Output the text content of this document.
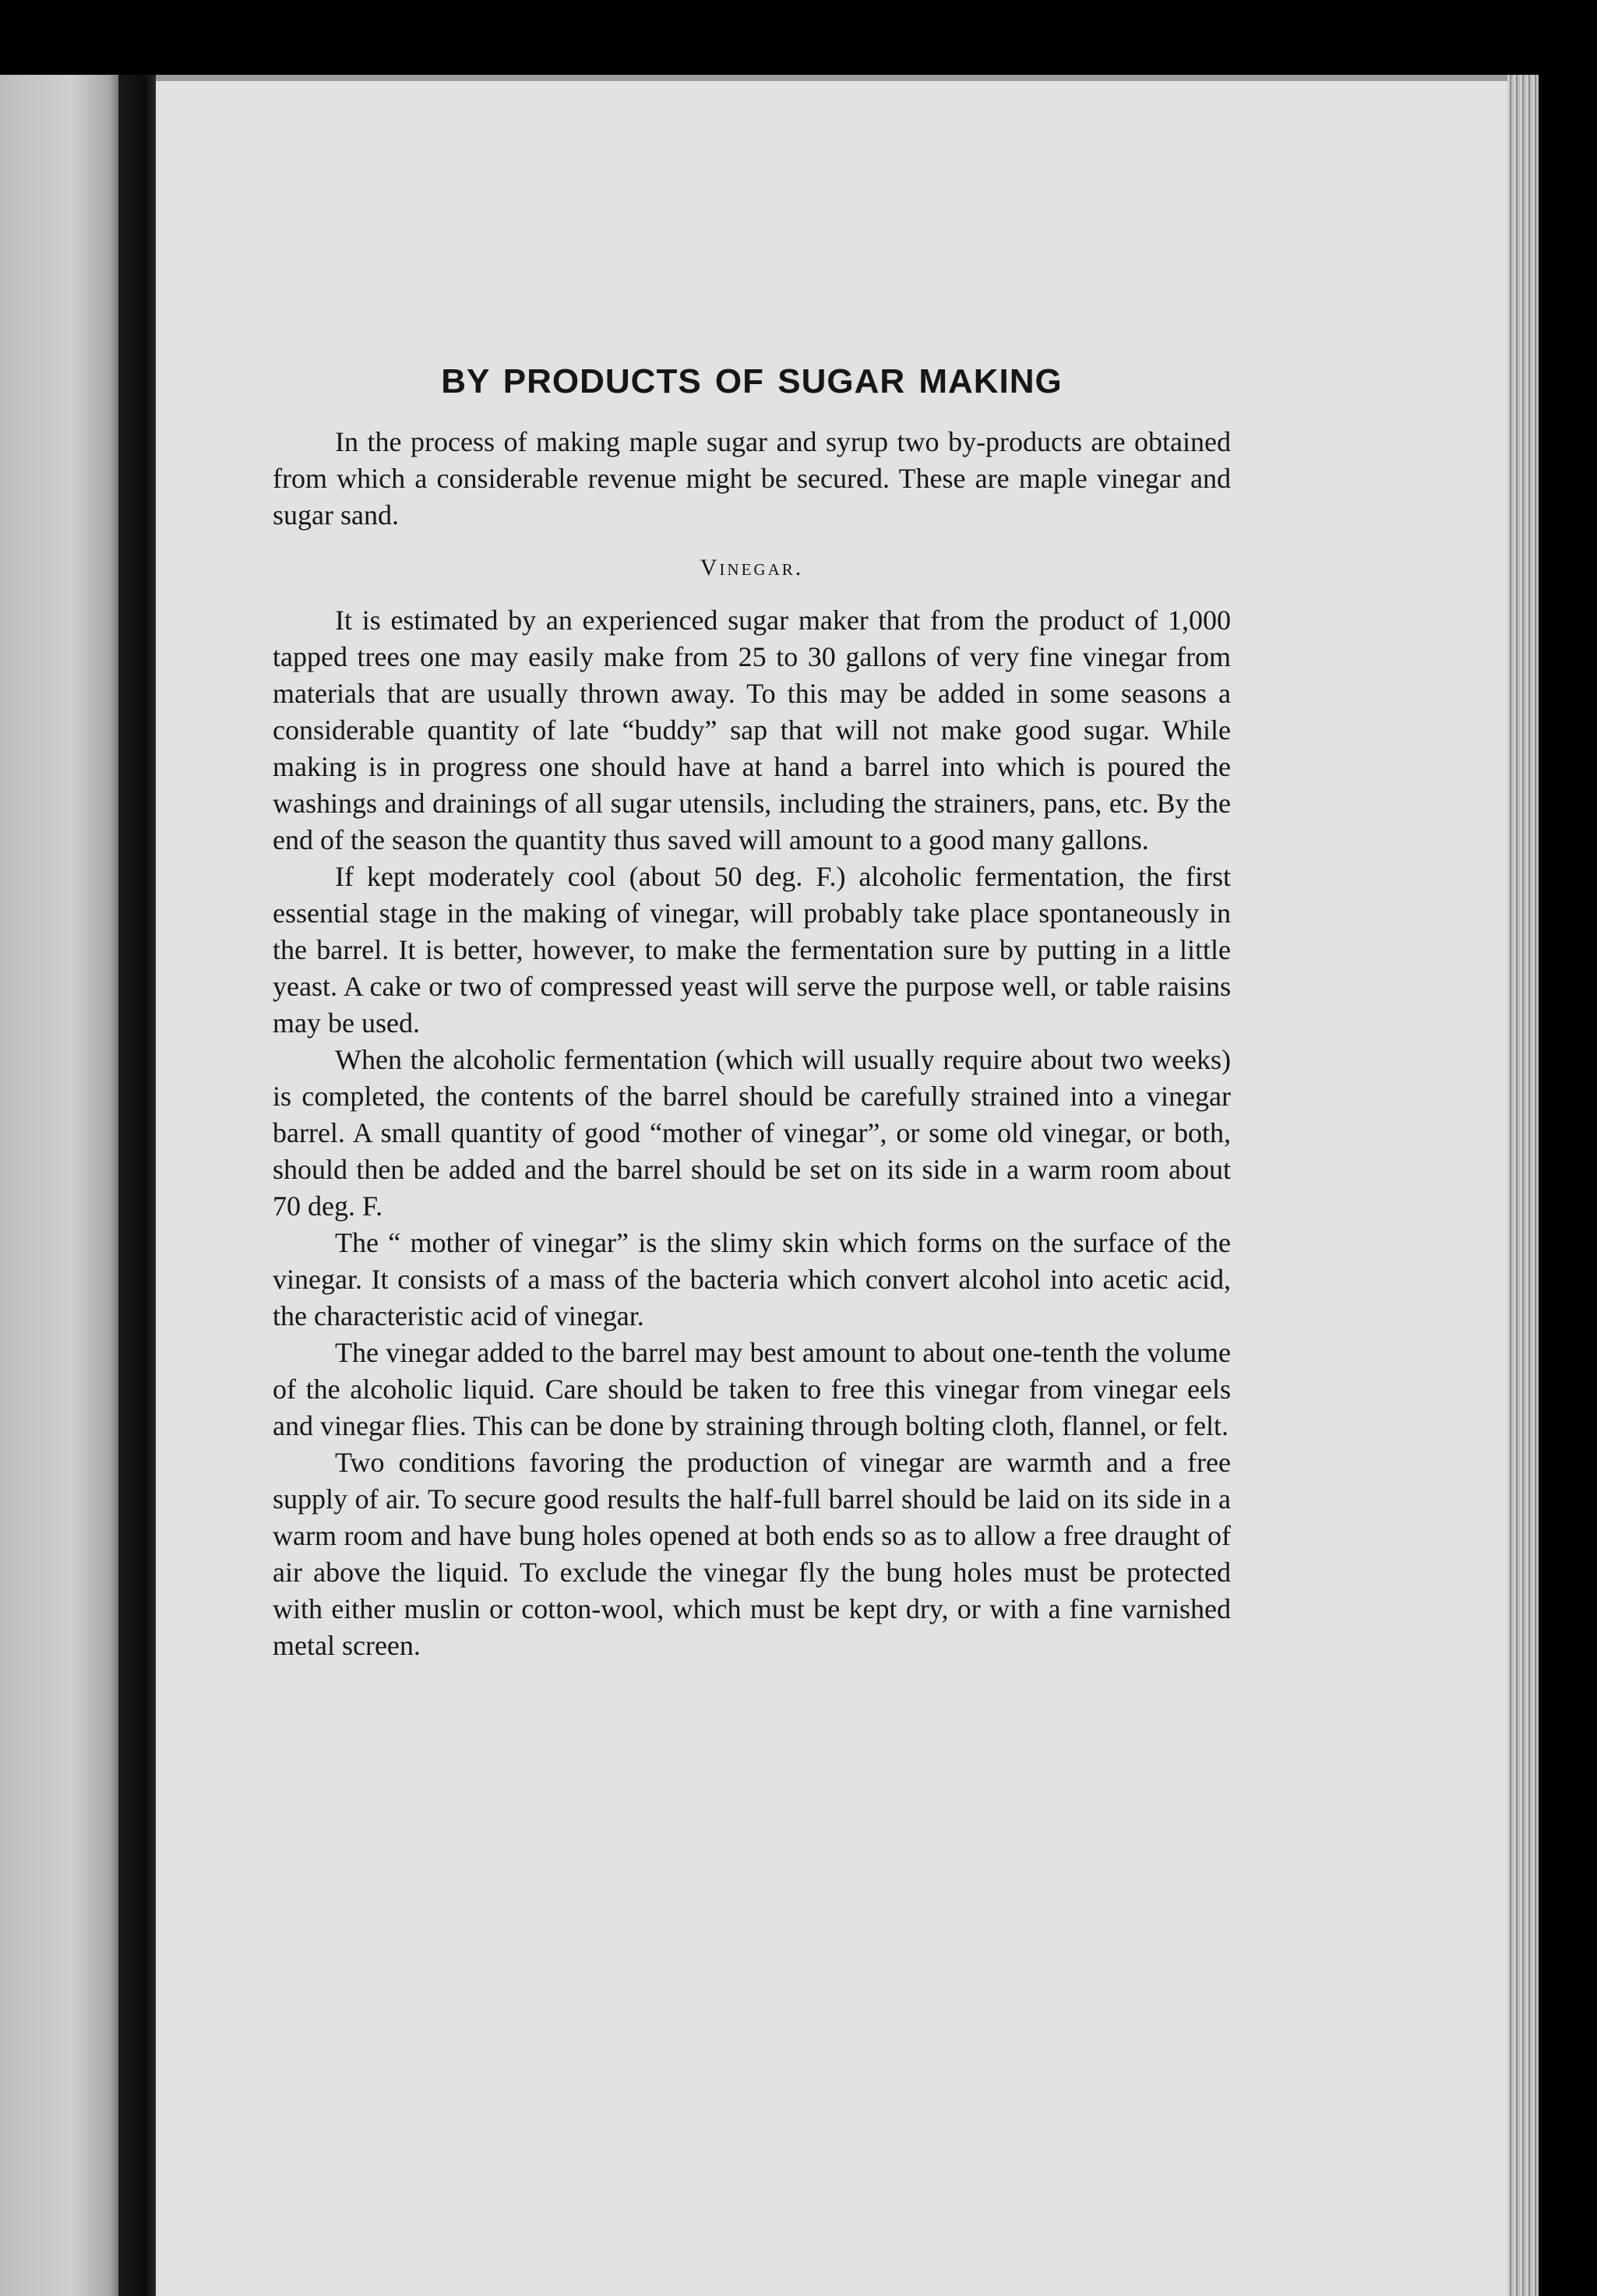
BY PRODUCTS OF SUGAR MAKING

In the process of making maple sugar and syrup two by-products are obtained from which a considerable revenue might be secured. These are maple vinegar and sugar sand.

Vinegar.

It is estimated by an experienced sugar maker that from the product of 1,000 tapped trees one may easily make from 25 to 30 gallons of very fine vinegar from materials that are usually thrown away. To this may be added in some seasons a considerable quantity of late “buddy” sap that will not make good sugar. While making is in progress one should have at hand a barrel into which is poured the washings and drainings of all sugar utensils, including the strainers, pans, etc. By the end of the season the quantity thus saved will amount to a good many gallons.

If kept moderately cool (about 50 deg. F.) alcoholic fermentation, the first essential stage in the making of vinegar, will probably take place spontaneously in the barrel. It is better, however, to make the fermentation sure by putting in a little yeast. A cake or two of compressed yeast will serve the purpose well, or table raisins may be used.

When the alcoholic fermentation (which will usually require about two weeks) is completed, the contents of the barrel should be carefully strained into a vinegar barrel. A small quantity of good “mother of vinegar”, or some old vinegar, or both, should then be added and the barrel should be set on its side in a warm room about 70 deg. F.

The “ mother of vinegar” is the slimy skin which forms on the surface of the vinegar. It consists of a mass of the bacteria which convert alcohol into acetic acid, the characteristic acid of vinegar.

The vinegar added to the barrel may best amount to about one-tenth the volume of the alcoholic liquid. Care should be taken to free this vinegar from vinegar eels and vinegar flies. This can be done by straining through bolting cloth, flannel, or felt.

Two conditions favoring the production of vinegar are warmth and a free supply of air. To secure good results the half-full barrel should be laid on its side in a warm room and have bung holes opened at both ends so as to allow a free draught of air above the liquid. To exclude the vinegar fly the bung holes must be protected with either muslin or cotton-wool, which must be kept dry, or with a fine varnished metal screen.
